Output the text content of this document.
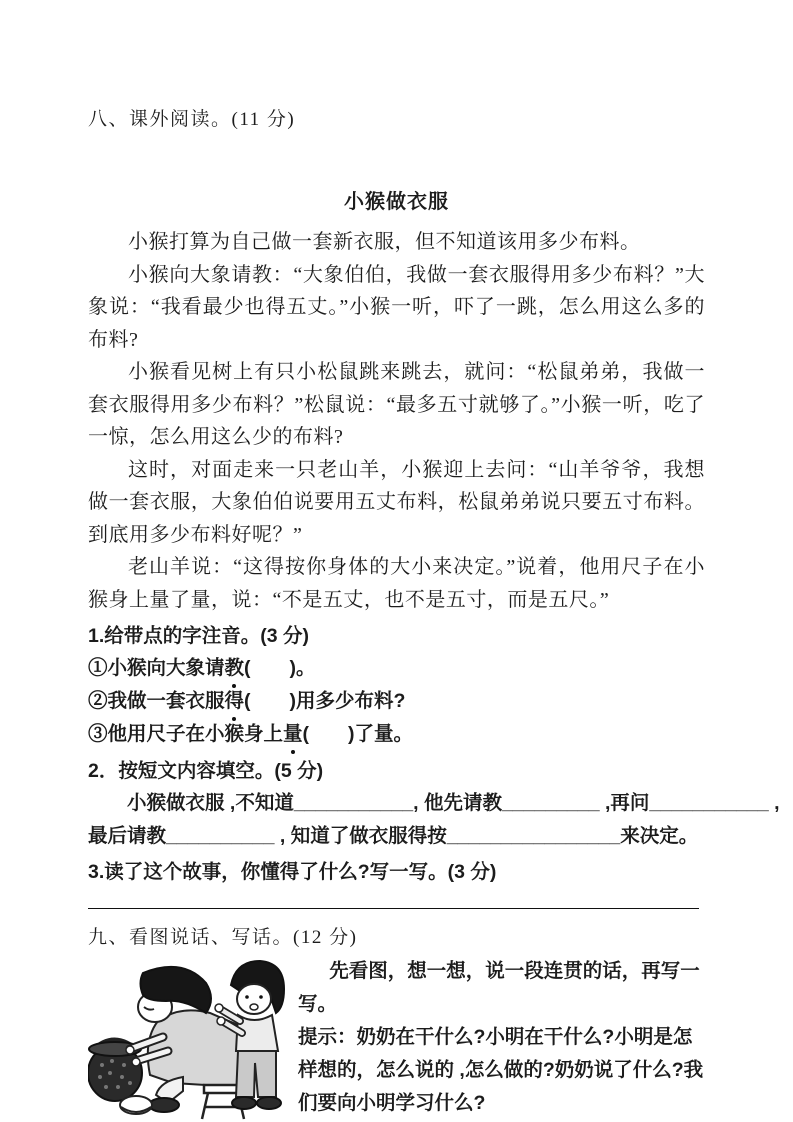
八、课外阅读。(11 分)
小猴做衣服

小猴打算为自己做一套新衣服，但不知道该用多少布料。

小猴向大象请教：“大象伯伯，我做一套衣服得用多少布料？”大象说：“我看最少也得五丈。”小猴一听，吓了一跳，怎么用这么多的布料?

小猴看见树上有只小松鼠跳来跳去，就问：“松鼠弟弟，我做一套衣服得用多少布料？”松鼠说：“最多五寸就够了。”小猴一听，吃了一惊，怎么用这么少的布料?

这时，对面走来一只老山羊，小猴迎上去问：“山羊爷爷，我想做一套衣服，大象伯伯说要用五丈布料，松鼠弟弟说只要五寸布料。到底用多少布料好呢？”

老山羊说：“这得按你身体的大小来决定。”说着，他用尺子在小猴身上量了量，说：“不是五丈，也不是五寸，而是五尺。”

1.给带点的字注音。(3 分)
①小猴向大象请教(　　)。
②我做一套衣服得(　　)用多少布料?
③他用尺子在小猴身上量(　　)了量。
2．按短文内容填空。(5 分)
小猴做衣服 ,不知道___________, 他先请教_________ ,再问___________ ,
最后请教__________ , 知道了做衣服得按________________来决定。
3.读了这个故事，你懂得了什么?写一写。(3 分)
九、看图说话、写话。(12 分)
先看图，想一想，说一段连贯的话，再写一写。
提示：奶奶在干什么?小明在干什么?小明是怎样想的，怎么说的 ,怎么做的?奶奶说了什么?我们要向小明学习什么?
